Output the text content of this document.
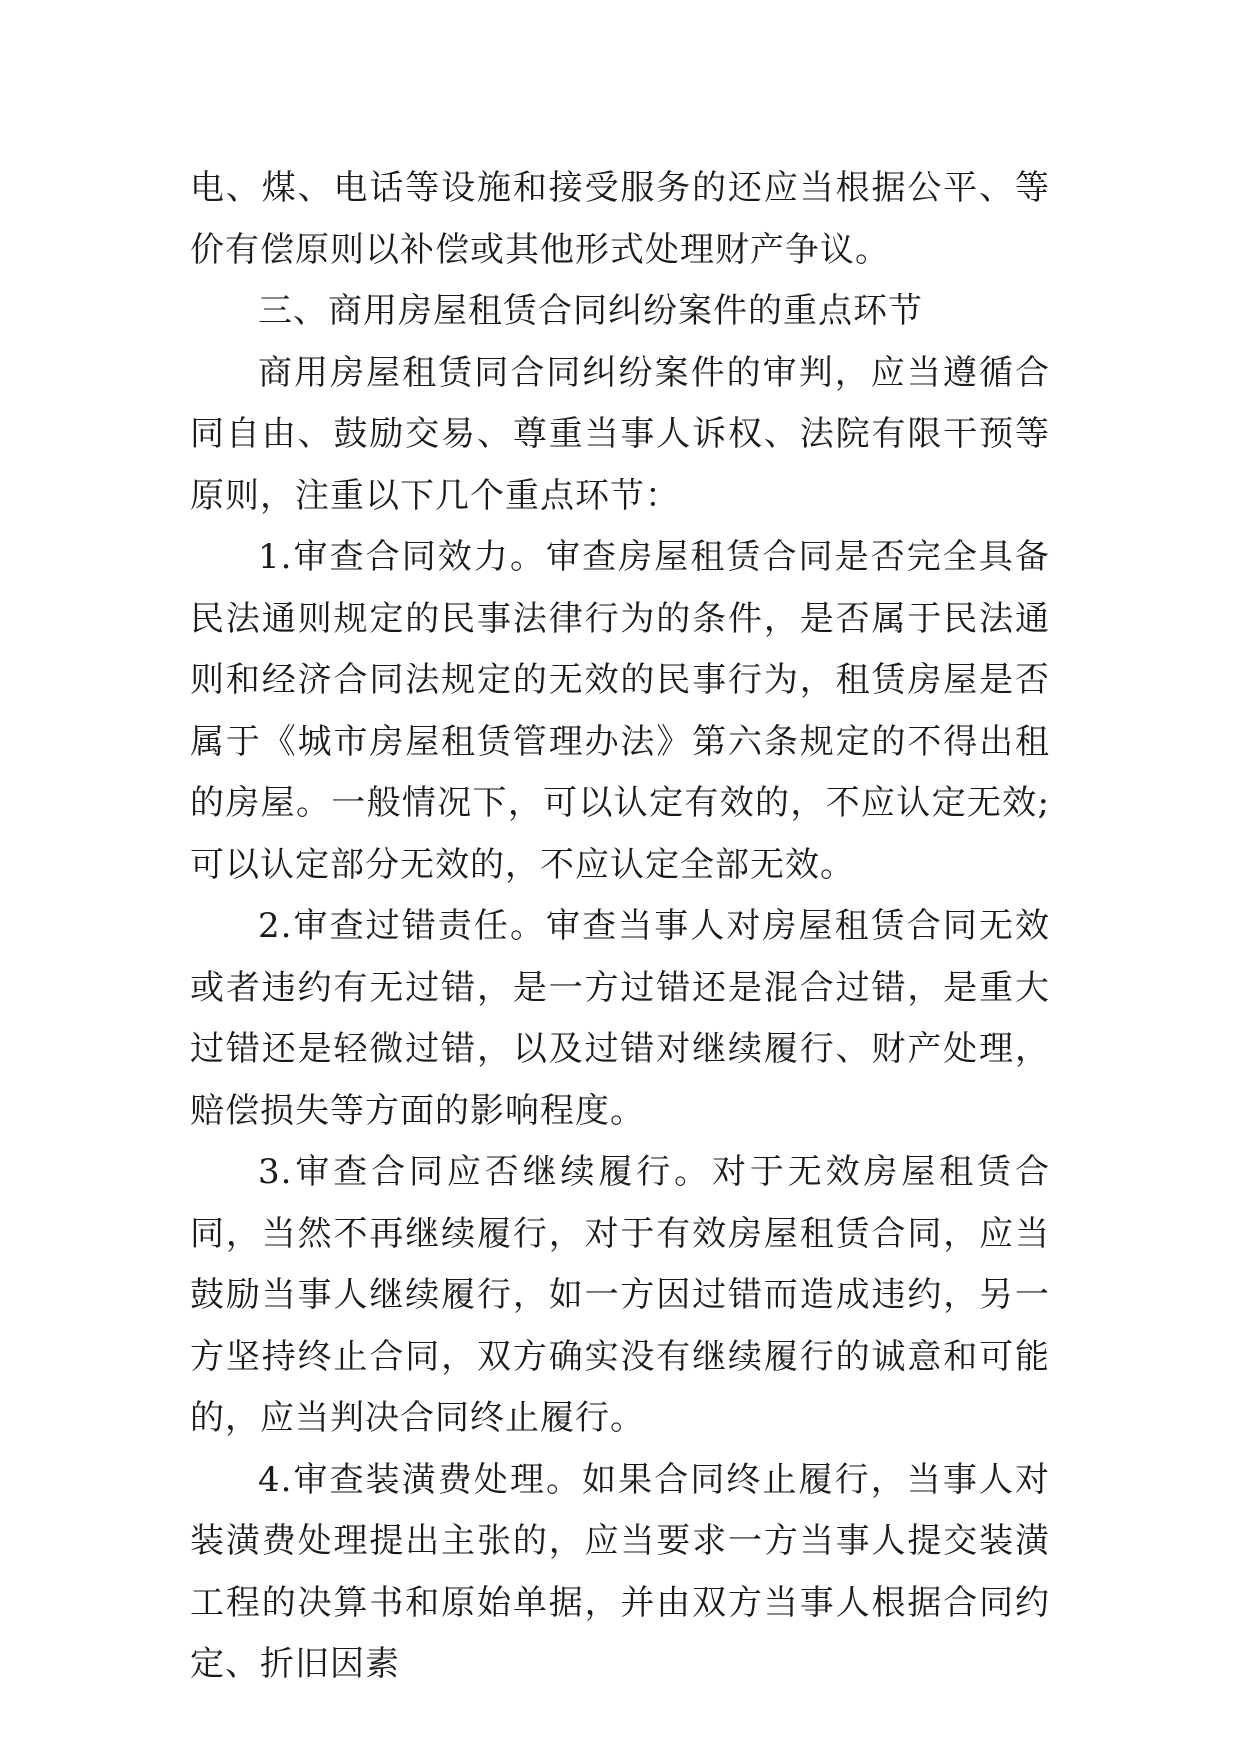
电、煤、电话等设施和接受服务的还应当根据公平、等价有偿原则以补偿或其他形式处理财产争议。

三、商用房屋租赁合同纠纷案件的重点环节

商用房屋租赁同合同纠纷案件的审判，应当遵循合同自由、鼓励交易、尊重当事人诉权、法院有限干预等原则，注重以下几个重点环节：

1.审查合同效力。审查房屋租赁合同是否完全具备民法通则规定的民事法律行为的条件，是否属于民法通则和经济合同法规定的无效的民事行为，租赁房屋是否属于《城市房屋租赁管理办法》第六条规定的不得出租的房屋。一般情况下，可以认定有效的，不应认定无效;可以认定部分无效的，不应认定全部无效。

2.审查过错责任。审查当事人对房屋租赁合同无效或者违约有无过错，是一方过错还是混合过错，是重大过错还是轻微过错，以及过错对继续履行、财产处理，赔偿损失等方面的影响程度。

3.审查合同应否继续履行。对于无效房屋租赁合同，当然不再继续履行，对于有效房屋租赁合同，应当鼓励当事人继续履行，如一方因过错而造成违约，另一方坚持终止合同，双方确实没有继续履行的诚意和可能的，应当判决合同终止履行。

4.审查装潢费处理。如果合同终止履行，当事人对装潢费处理提出主张的，应当要求一方当事人提交装潢工程的决算书和原始单据，并由双方当事人根据合同约定、折旧因素
